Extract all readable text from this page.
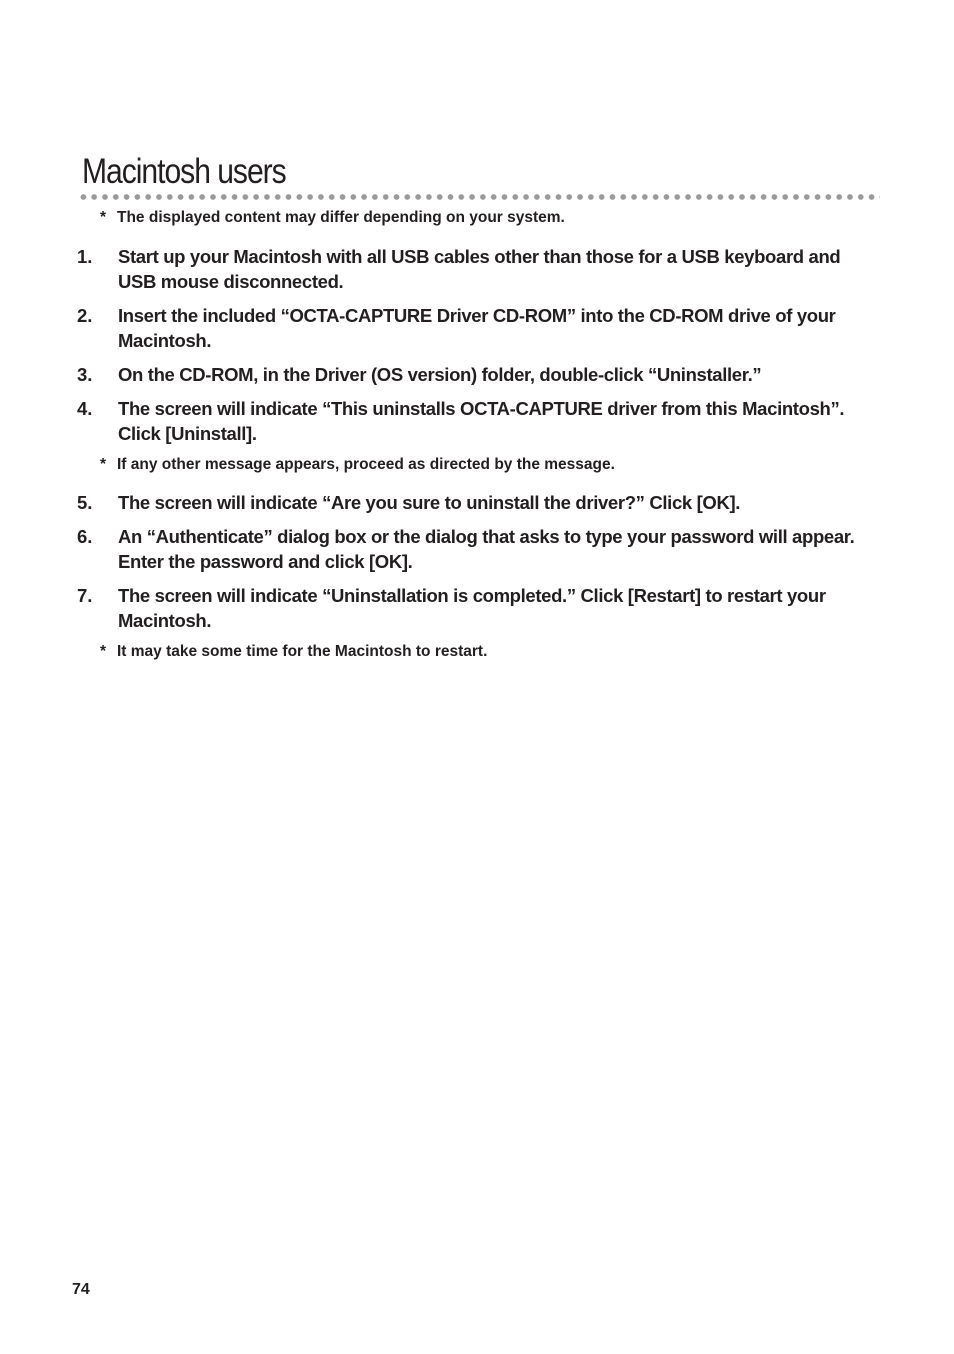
Macintosh users
* The displayed content may differ depending on your system.
1.	Start up your Macintosh with all USB cables other than those for a USB keyboard and USB mouse disconnected.
2.	Insert the included “OCTA-CAPTURE Driver CD-ROM” into the CD-ROM drive of your Macintosh.
3.	On the CD-ROM, in the Driver (OS version) folder, double-click “Uninstaller.”
4.	The screen will indicate “This uninstalls OCTA-CAPTURE driver from this Macintosh”. Click [Uninstall].
* If any other message appears, proceed as directed by the message.
5.	The screen will indicate “Are you sure to uninstall the driver?” Click [OK].
6.	An “Authenticate” dialog box or the dialog that asks to type your password will appear. Enter the password and click [OK].
7.	The screen will indicate “Uninstallation is completed.” Click [Restart] to restart your Macintosh.
* It may take some time for the Macintosh to restart.
74
